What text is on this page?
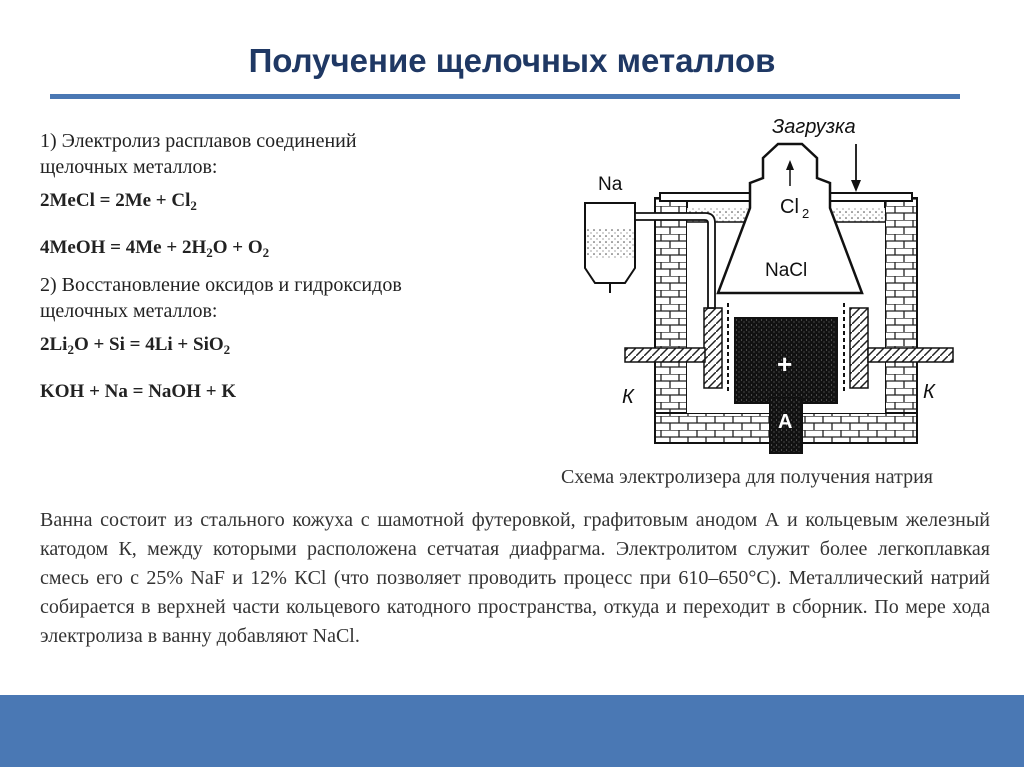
Получение щелочных металлов

1) Электролиз расплавов соединений

щелочных металлов:

2MeCl = $2Me + Cl_2$

4MeOH = $4Me + 2H_2O + O_2$

2) Восстановление оксидов и гидроксидов

щелочных металлов:

$2Li_2O + Si = 4Li + SiO_2$

KOH + Na = NaOH + K

Cl 2
NaCl
+
A
К	К
Na
Загрузка
Схема электролизера для получения натрия
Ванна состоит из стального кожуха с шамотной футеровкой, графитовым анодом А и кольцевым железный катодом К, между которыми расположена сетчатая диафрагма. Электролитом служит более легкоплавкая смесь его с 25% NaF и 12% КCl (что позволяет проводить процесс при 610–650°С). Металлический натрий собирается в верхней части кольцевого катодного пространства, откуда и переходит в сборник. По мере хода электролиза в ванну добавляют NaCl.
